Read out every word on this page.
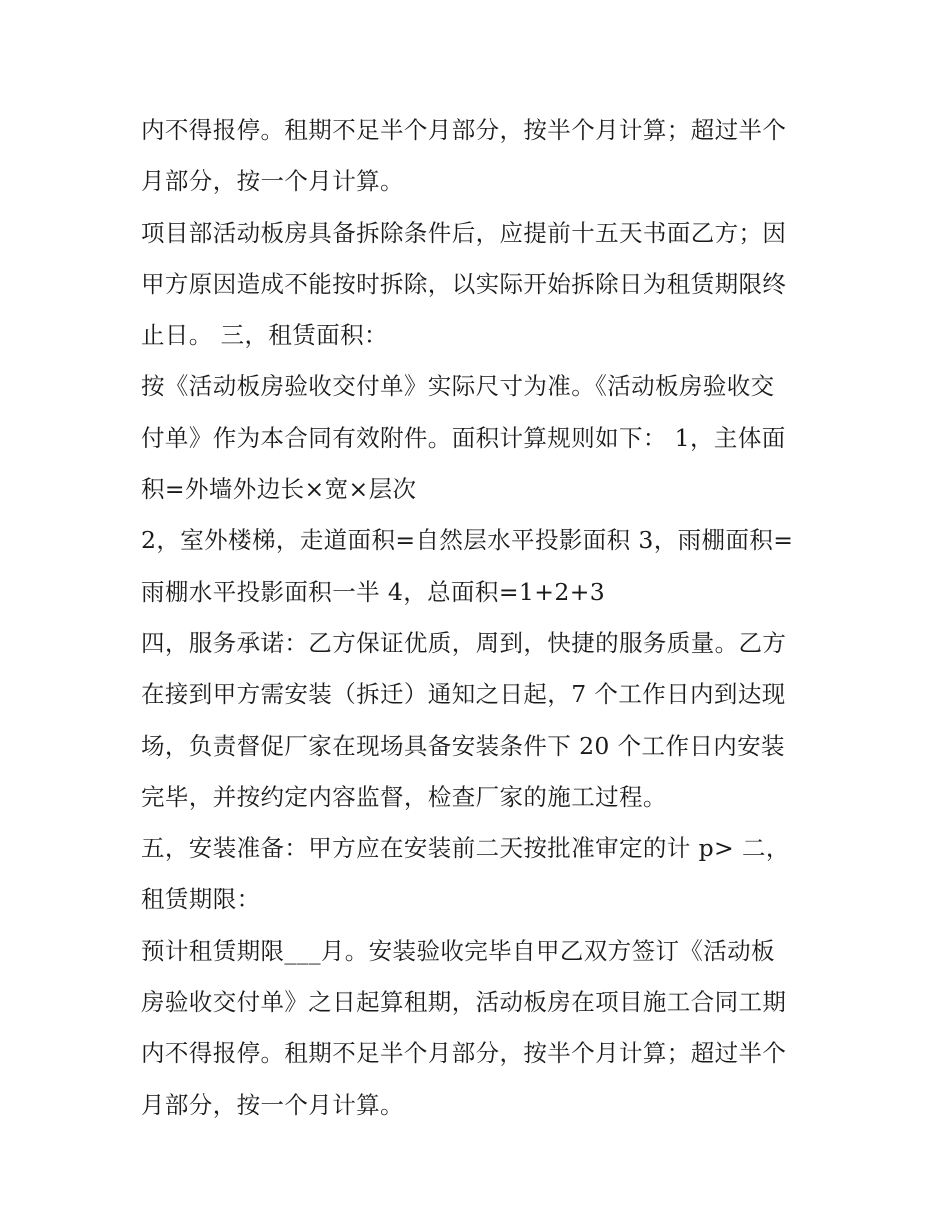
内不得报停。租期不足半个月部分，按半个月计算；超过半个
月部分，按一个月计算。
项目部活动板房具备拆除条件后，应提前十五天书面乙方；因
甲方原因造成不能按时拆除，以实际开始拆除日为租赁期限终
止日。 三，租赁面积：
按《活动板房验收交付单》实际尺寸为准。《活动板房验收交
付单》作为本合同有效附件。面积计算规则如下： 1，主体面
积=外墙外边长×宽×层次
2，室外楼梯，走道面积=自然层水平投影面积 3，雨棚面积=
雨棚水平投影面积一半 4，总面积=1+2+3
四，服务承诺：乙方保证优质，周到，快捷的服务质量。乙方
在接到甲方需安装（拆迁）通知之日起，7 个工作日内到达现
场，负责督促厂家在现场具备安装条件下 20 个工作日内安装
完毕，并按约定内容监督，检查厂家的施工过程。
五，安装准备：甲方应在安装前二天按批准审定的计 p> 二，
租赁期限：
预计租赁期限___月。安装验收完毕自甲乙双方签订《活动板
房验收交付单》之日起算租期，活动板房在项目施工合同工期
内不得报停。租期不足半个月部分，按半个月计算；超过半个
月部分，按一个月计算。
